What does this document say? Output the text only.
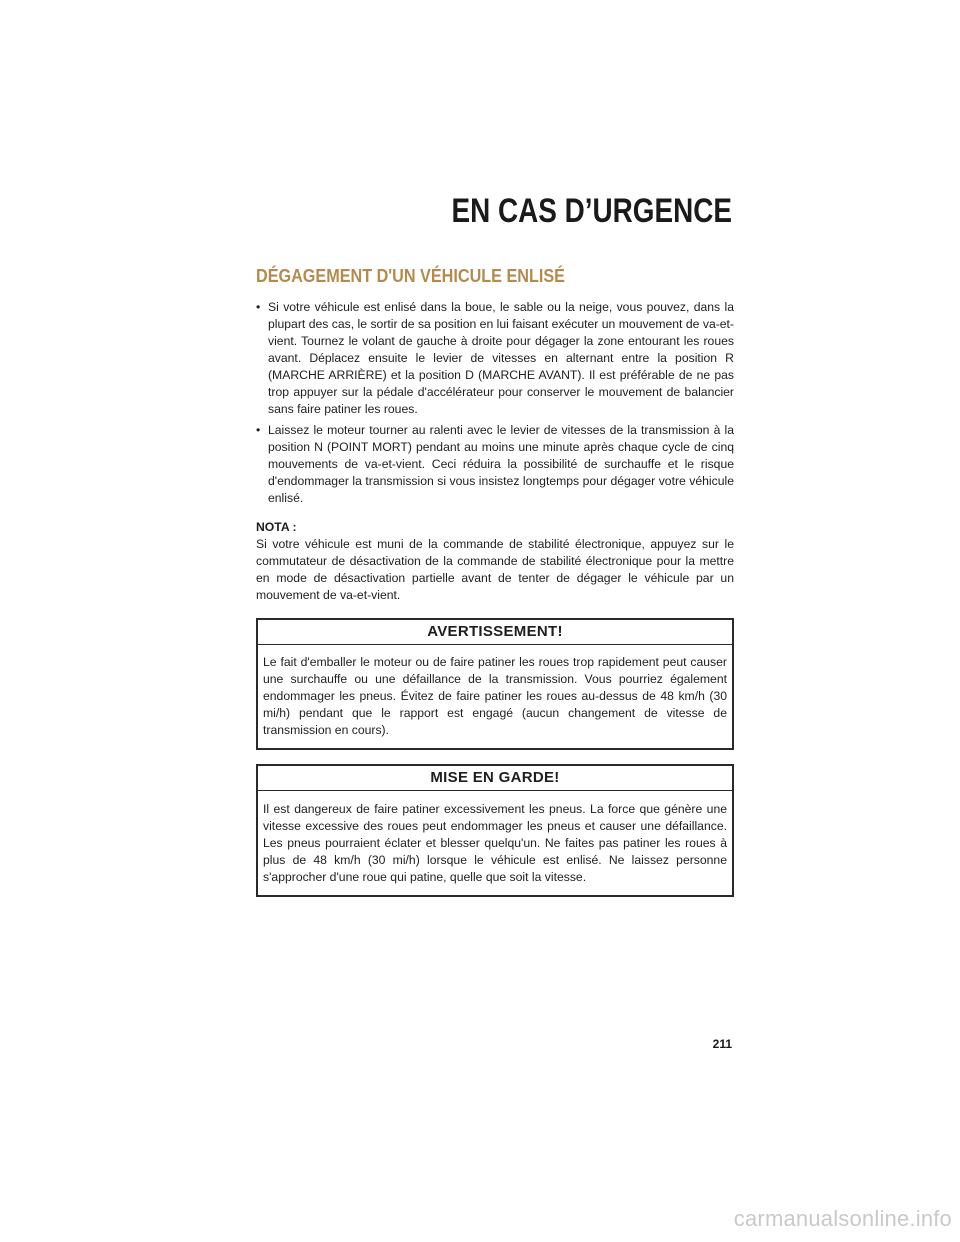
EN CAS D’URGENCE
DÉGAGEMENT D'UN VÉHICULE ENLISÉ
• Si votre véhicule est enlisé dans la boue, le sable ou la neige, vous pouvez, dans la plupart des cas, le sortir de sa position en lui faisant exécuter un mouvement de va-et-vient. Tournez le volant de gauche à droite pour dégager la zone entourant les roues avant. Déplacez ensuite le levier de vitesses en alternant entre la position R (MARCHE ARRIÈRE) et la position D (MARCHE AVANT). Il est préférable de ne pas trop appuyer sur la pédale d'accélérateur pour conserver le mouvement de balancier sans faire patiner les roues.
• Laissez le moteur tourner au ralenti avec le levier de vitesses de la transmission à la position N (POINT MORT) pendant au moins une minute après chaque cycle de cinq mouvements de va-et-vient. Ceci réduira la possibilité de surchauffe et le risque d'endommager la transmission si vous insistez longtemps pour dégager votre véhicule enlisé.
NOTA :
Si votre véhicule est muni de la commande de stabilité électronique, appuyez sur le commutateur de désactivation de la commande de stabilité électronique pour la mettre en mode de désactivation partielle avant de tenter de dégager le véhicule par un mouvement de va-et-vient.
AVERTISSEMENT!
Le fait d'emballer le moteur ou de faire patiner les roues trop rapidement peut causer une surchauffe ou une défaillance de la transmission. Vous pourriez également endommager les pneus. Évitez de faire patiner les roues au-dessus de 48 km/h (30 mi/h) pendant que le rapport est engagé (aucun changement de vitesse de transmission en cours).
MISE EN GARDE!
Il est dangereux de faire patiner excessivement les pneus. La force que génère une vitesse excessive des roues peut endommager les pneus et causer une défaillance. Les pneus pourraient éclater et blesser quelqu'un. Ne faites pas patiner les roues à plus de 48 km/h (30 mi/h) lorsque le véhicule est enlisé. Ne laissez personne s'approcher d'une roue qui patine, quelle que soit la vitesse.
211
carmanualsonline.info
